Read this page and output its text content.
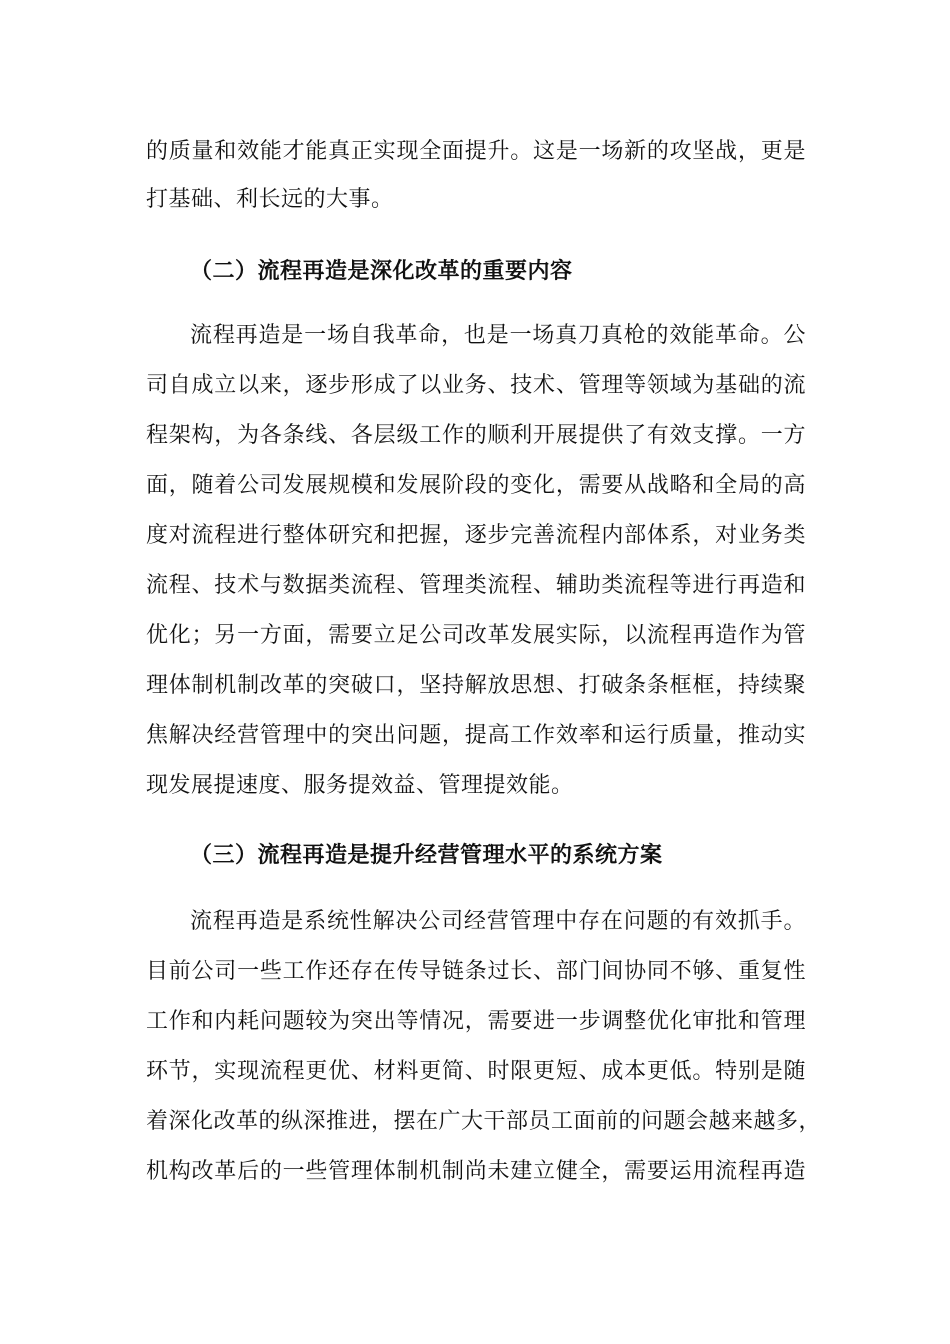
的质量和效能才能真正实现全面提升。这是一场新的攻坚战，更是
打基础、利长远的大事。
（二）流程再造是深化改革的重要内容
流程再造是一场自我革命，也是一场真刀真枪的效能革命。公
司自成立以来，逐步形成了以业务、技术、管理等领域为基础的流
程架构，为各条线、各层级工作的顺利开展提供了有效支撑。一方
面，随着公司发展规模和发展阶段的变化，需要从战略和全局的高
度对流程进行整体研究和把握，逐步完善流程内部体系，对业务类
流程、技术与数据类流程、管理类流程、辅助类流程等进行再造和
优化；另一方面，需要立足公司改革发展实际，以流程再造作为管
理体制机制改革的突破口，坚持解放思想、打破条条框框，持续聚
焦解决经营管理中的突出问题，提高工作效率和运行质量，推动实
现发展提速度、服务提效益、管理提效能。
（三）流程再造是提升经营管理水平的系统方案
流程再造是系统性解决公司经营管理中存在问题的有效抓手。
目前公司一些工作还存在传导链条过长、部门间协同不够、重复性
工作和内耗问题较为突出等情况，需要进一步调整优化审批和管理
环节，实现流程更优、材料更简、时限更短、成本更低。特别是随
着深化改革的纵深推进，摆在广大干部员工面前的问题会越来越多，
机构改革后的一些管理体制机制尚未建立健全，需要运用流程再造
